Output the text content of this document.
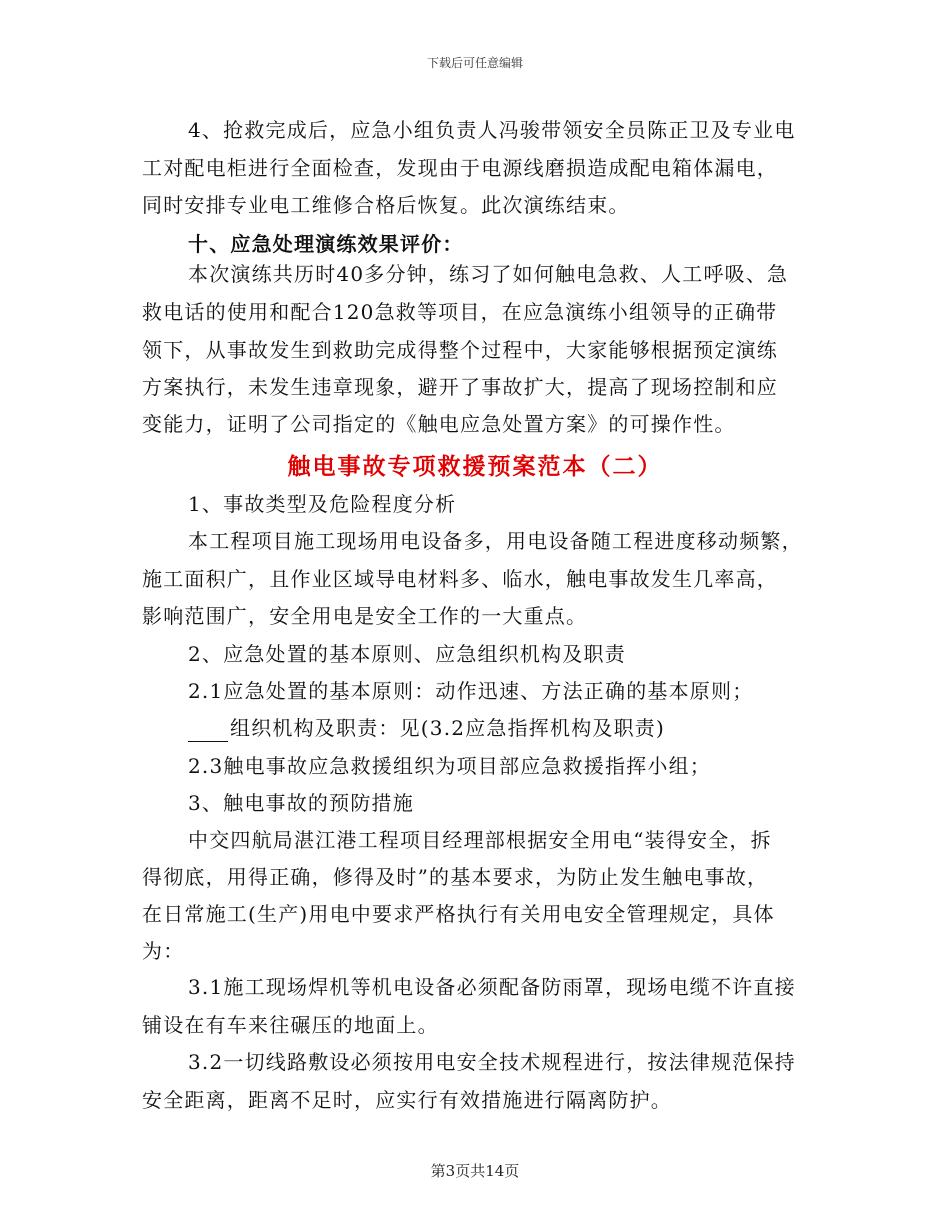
下载后可任意编辑
4、抢救完成后，应急小组负责人冯骏带领安全员陈正卫及专业电
工对配电柜进行全面检查，发现由于电源线磨损造成配电箱体漏电，
同时安排专业电工维修合格后恢复。此次演练结束。
十、应急处理演练效果评价：
本次演练共历时40多分钟，练习了如何触电急救、人工呼吸、急
救电话的使用和配合120急救等项目，在应急演练小组领导的正确带
领下，从事故发生到救助完成得整个过程中，大家能够根据预定演练
方案执行，未发生违章现象，避开了事故扩大，提高了现场控制和应
变能力，证明了公司指定的《触电应急处置方案》的可操作性。
触电事故专项救援预案范本（二）
1、事故类型及危险程度分析
本工程项目施工现场用电设备多，用电设备随工程进度移动频繁，
施工面积广，且作业区域导电材料多、临水，触电事故发生几率高，
影响范围广，安全用电是安全工作的一大重点。
2、应急处置的基本原则、应急组织机构及职责
2.1应急处置的基本原则：动作迅速、方法正确的基本原则；
组织机构及职责：见(3.2应急指挥机构及职责)
2.3触电事故应急救援组织为项目部应急救援指挥小组；
3、触电事故的预防措施
中交四航局湛江港工程项目经理部根据安全用电“装得安全，拆
得彻底，用得正确，修得及时”的基本要求，为防止发生触电事故，
在日常施工(生产)用电中要求严格执行有关用电安全管理规定，具体
为：
3.1施工现场焊机等机电设备必须配备防雨罩，现场电缆不许直接
铺设在有车来往碾压的地面上。
3.2一切线路敷设必须按用电安全技术规程进行，按法律规范保持
安全距离，距离不足时，应实行有效措施进行隔离防护。
第3页共14页
